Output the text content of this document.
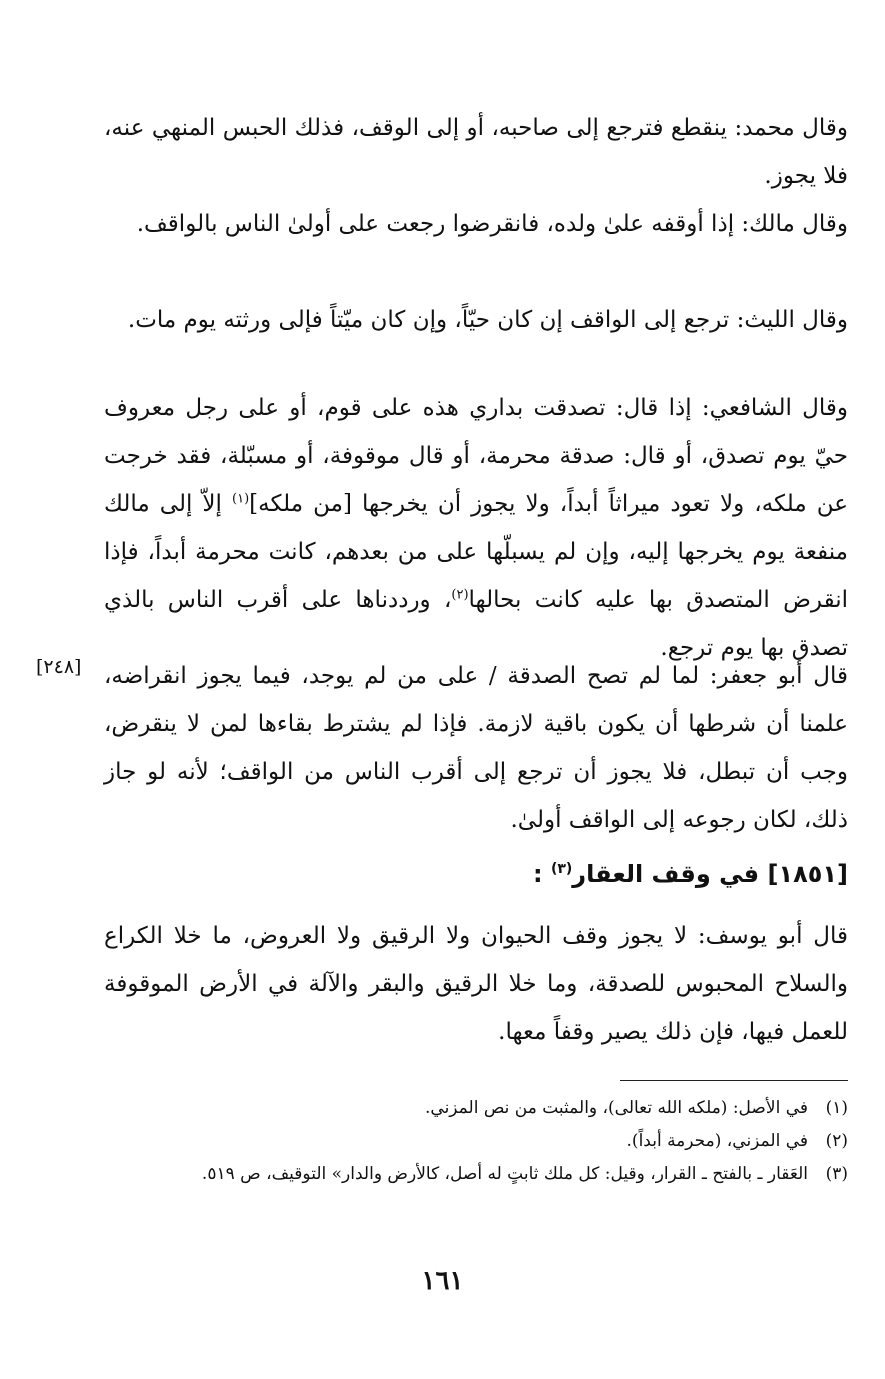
وقال محمد: ينقطع فترجع إلى صاحبه، أو إلى الوقف، فذلك الحبس المنهي عنه، فلا يجوز.
وقال مالك: إذا أوقفه علىٰ ولده، فانقرضوا رجعت على أولىٰ الناس بالواقف.
وقال الليث: ترجع إلى الواقف إن كان حيّاً، وإن كان ميّتاً فإلى ورثته يوم مات.
وقال الشافعي: إذا قال: تصدقت بداري هذه على قوم، أو على رجل معروف حيّ يوم تصدق، أو قال: صدقة محرمة، أو قال موقوفة، أو مسبّلة، فقد خرجت عن ملكه، ولا تعود ميراثاً أبداً، ولا يجوز أن يخرجها [من ملكه]$^{(١)}$ إلاّ إلى مالك منفعة يوم يخرجها إليه، وإن لم يسبلّها على من بعدهم، كانت محرمة أبداً، فإذا انقرض المتصدق بها عليه كانت بحالها$^{(٢)}$، ورددناها على أقرب الناس بالذي تصدق بها يوم ترجع.
[٢٤٨] قال أبو جعفر: لما لم تصح الصدقة / على من لم يوجد، فيما يجوز انقراضه، علمنا أن شرطها أن يكون باقية لازمة. فإذا لم يشترط بقاءها لمن لا ينقرض، وجب أن تبطل، فلا يجوز أن ترجع إلى أقرب الناس من الواقف؛ لأنه لو جاز ذلك، لكان رجوعه إلى الواقف أولىٰ.
[١٨٥١] في وقف العقار$^{(٣)}$ :
قال أبو يوسف: لا يجوز وقف الحيوان ولا الرقيق ولا العروض، ما خلا الكراع والسلاح المحبوس للصدقة، وما خلا الرقيق والبقر والآلة في الأرض الموقوفة للعمل فيها، فإن ذلك يصير وقفاً معها.
(١)
في الأصل: (ملكه الله تعالى)، والمثبت من نص المزني.
(٢)
في المزني، (محرمة أبداً).
(٣)
العَقار ـ بالفتح ـ القرار، وقيل: كل ملك ثابتٍ له أصل، كالأرض والدار» التوقيف، ص ٥١٩.
١٦١
